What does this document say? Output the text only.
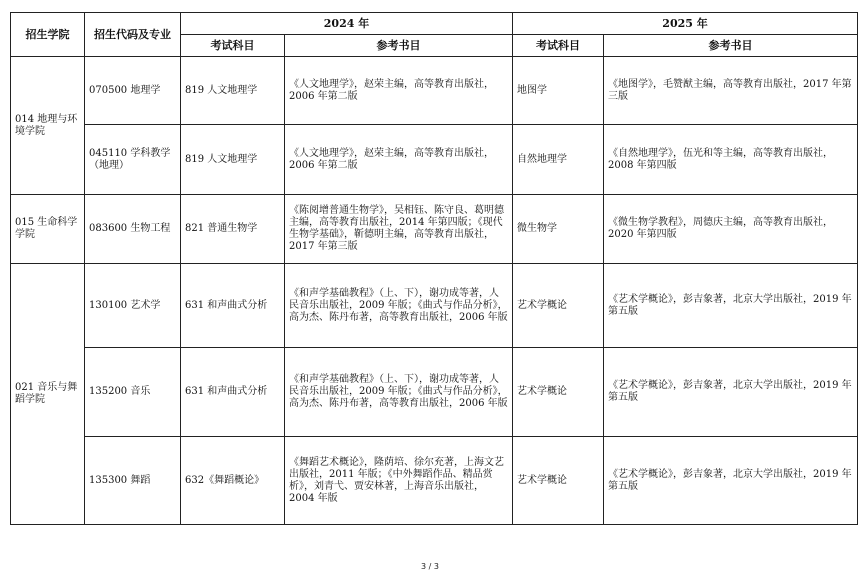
招生学院	招生代码及专业	2024 年		2025 年	
		考试科目	参考书目	考试科目	参考书目
014 地理与环境学院	070500 地理学	819 人文地理学	《人文地理学》，赵荣主编，高等教育出版社，2006 年第二版	地图学	《地图学》，毛赞猷主编，高等教育出版社，2017 年第三版
	045110 学科教学（地理）	819 人文地理学	《人文地理学》，赵荣主编，高等教育出版社，2006 年第二版	自然地理学	《自然地理学》，伍光和等主编，高等教育出版社，2008 年第四版
015 生命科学学院	083600 生物工程	821 普通生物学	《陈阅增普通生物学》，吴相钰、陈守良、葛明德主编，高等教育出版社，2014 年第四版；《现代生物学基础》，靳德明主编，高等教育出版社，2017 年第三版	微生物学	《微生物学教程》，周德庆主编，高等教育出版社，2020 年第四版
021 音乐与舞蹈学院	130100 艺术学	631 和声曲式分析	《和声学基础教程》（上、下），谢功成等著，人民音乐出版社，2009 年版；《曲式与作品分析》，高为杰、陈丹布著，高等教育出版社，2006 年版	艺术学概论	《艺术学概论》，彭吉象著，北京大学出版社，2019 年第五版
	135200 音乐	631 和声曲式分析	《和声学基础教程》（上、下），谢功成等著，人民音乐出版社，2009 年版；《曲式与作品分析》，高为杰、陈丹布著，高等教育出版社，2006 年版	艺术学概论	《艺术学概论》，彭吉象著，北京大学出版社，2019 年第五版
	135300 舞蹈	632《舞蹈概论》	《舞蹈艺术概论》，隆荫培、徐尔充著，上海文艺出版社，2011 年版；《中外舞蹈作品、精品赏析》，刘青弋、贾安林著，上海音乐出版社，2004 年版	艺术学概论	《艺术学概论》，彭吉象著，北京大学出版社，2019 年第五版
3 / 3
